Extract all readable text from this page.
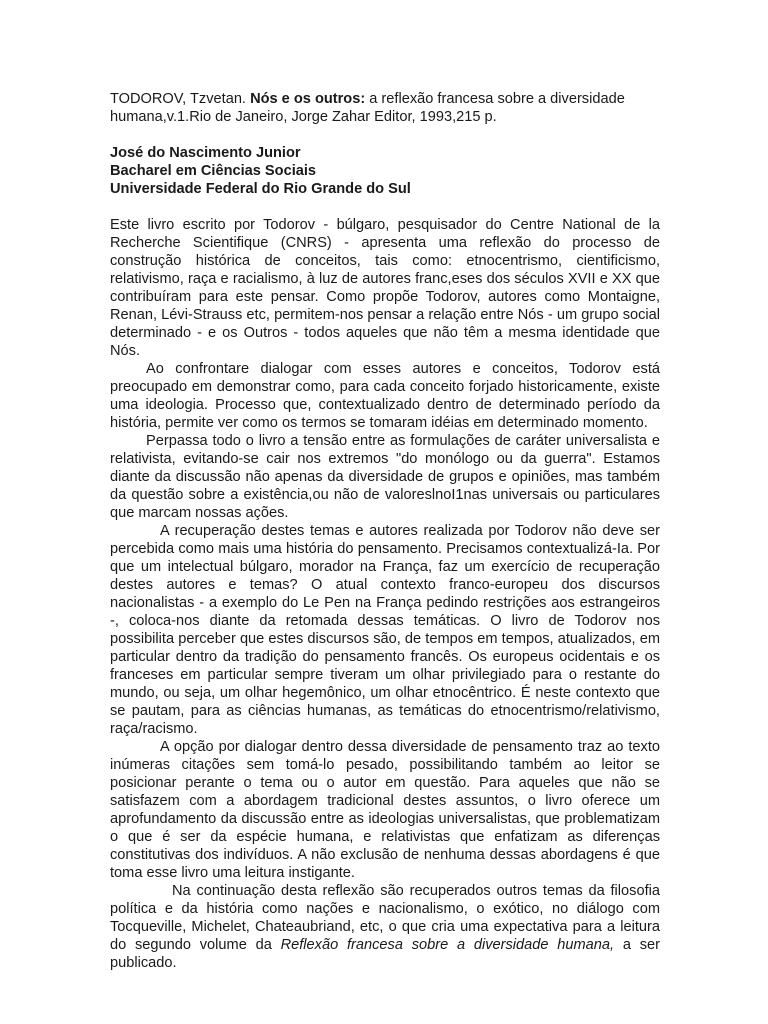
TODOROV, Tzvetan. Nós e os outros: a reflexão francesa sobre a diversidade humana,v.1.Rio de Janeiro, Jorge Zahar Editor, 1993,215 p.

José do Nascimento Junior
Bacharel em Ciências Sociais
Universidade Federal do Rio Grande do Sul

Este livro escrito por Todorov - búlgaro, pesquisador do Centre National de la Recherche Scientifique (CNRS) - apresenta uma reflexão do processo de construção histórica de conceitos, tais como: etnocentrismo, cientificismo, relativismo, raça e racialismo, à luz de autores franc,eses dos séculos XVII e XX que contribuíram para este pensar. Como propõe Todorov, autores como Montaigne, Renan, Lévi-Strauss etc, permitem-nos pensar a relação entre Nós - um grupo social determinado - e os Outros - todos aqueles que não têm a mesma identidade que Nós.

Ao confrontare dialogar com esses autores e conceitos, Todorov está preocupado em demonstrar como, para cada conceito forjado historicamente, existe uma ideologia. Processo que, contextualizado dentro de determinado período da história, permite ver como os termos se tomaram idéias em determinado momento.

Perpassa todo o livro a tensão entre as formulações de caráter universalista e relativista, evitando-se cair nos extremos "do monólogo ou da guerra". Estamos diante da discussão não apenas da diversidade de grupos e opiniões, mas também da questão sobre a existência,ou não de valoreslnoI1nas universais ou particulares que marcam nossas ações.

A recuperação destes temas e autores realizada por Todorov não deve ser percebida como mais uma história do pensamento. Precisamos contextualizá-Ia. Por que um intelectual búlgaro, morador na França, faz um exercício de recuperação destes autores e temas? O atual contexto franco-europeu dos discursos nacionalistas - a exemplo do Le Pen na França pedindo restrições aos estrangeiros -, coloca-nos diante da retomada dessas temáticas. O livro de Todorov nos possibilita perceber que estes discursos são, de tempos em tempos, atualizados, em particular dentro da tradição do pensamento francês. Os europeus ocidentais e os franceses em particular sempre tiveram um olhar privilegiado para o restante do mundo, ou seja, um olhar hegemônico, um olhar etnocêntrico. É neste contexto que se pautam, para as ciências humanas, as temáticas do etnocentrismo/relativismo, raça/racismo.

A opção por dialogar dentro dessa diversidade de pensamento traz ao texto inúmeras citações sem tomá-lo pesado, possibilitando também ao leitor se posicionar perante o tema ou o autor em questão. Para aqueles que não se satisfazem com a abordagem tradicional destes assuntos, o livro oferece um aprofundamento da discussão entre as ideologias universalistas, que problematizam o que é ser da espécie humana, e relativistas que enfatizam as diferenças constitutivas dos indivíduos. A não exclusão de nenhuma dessas abordagens é que toma esse livro uma leitura instigante.

Na continuação desta reflexão são recuperados outros temas da filosofia política e da história como nações e nacionalismo, o exótico, no diálogo com Tocqueville, Michelet, Chateaubriand, etc, o que cria uma expectativa para a leitura do segundo volume da Reflexão francesa sobre a diversidade humana, a ser publicado.
